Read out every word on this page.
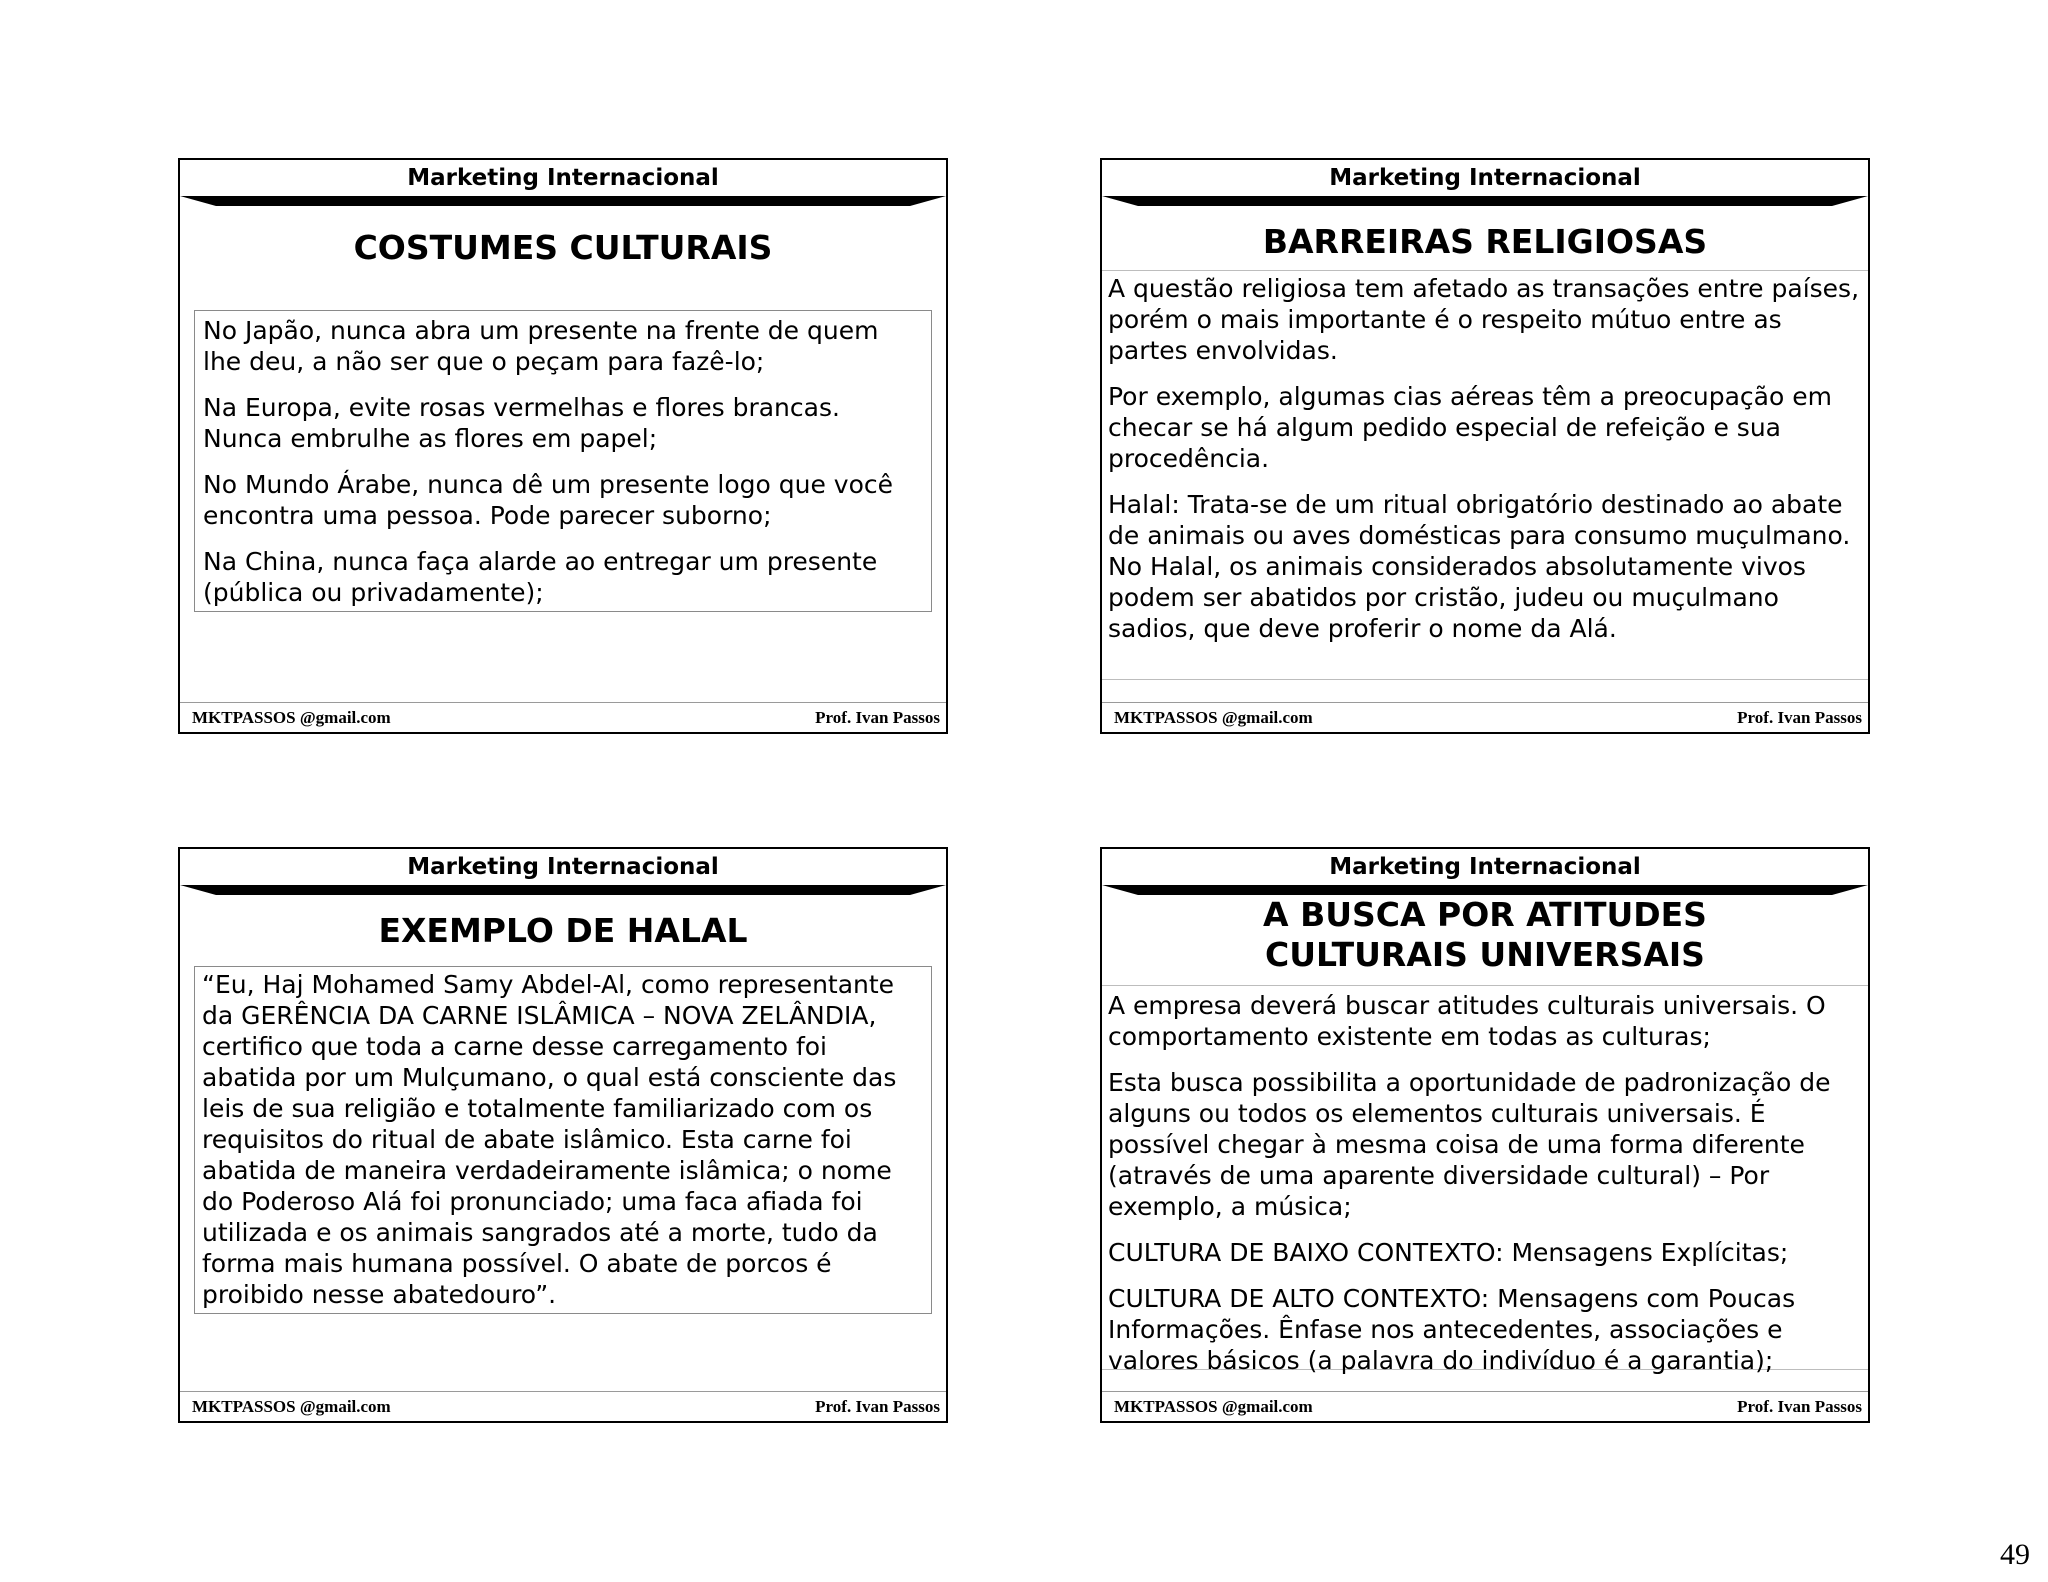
Marketing Internacional
COSTUMES CULTURAIS

No Japão, nunca abra um presente na frente de quem lhe deu, a não ser que o peçam para fazê-lo;

Na Europa, evite rosas vermelhas e flores brancas. Nunca embrulhe as flores em papel;

No Mundo Árabe, nunca dê um presente logo que você encontra uma pessoa. Pode parecer suborno;

Na China, nunca faça alarde ao entregar um presente (pública ou privadamente);

MKTPASSOS @gmail.com	Prof. Ivan Passos
Marketing Internacional
BARREIRAS RELIGIOSAS

A questão religiosa tem afetado as transações entre países, porém o mais importante é o respeito mútuo entre as partes envolvidas.

Por exemplo, algumas cias aéreas têm a preocupação em checar se há algum pedido especial de refeição e sua procedência.

Halal: Trata-se de um ritual obrigatório destinado ao abate de animais ou aves domésticas para consumo muçulmano. No Halal, os animais considerados absolutamente vivos podem ser abatidos por cristão, judeu ou muçulmano sadios, que deve proferir o nome da Alá.

MKTPASSOS @gmail.com	Prof. Ivan Passos
Marketing Internacional
EXEMPLO DE HALAL

“Eu, Haj Mohamed Samy Abdel-Al, como representante da GERÊNCIA DA CARNE ISLÂMICA – NOVA ZELÂNDIA, certifico que toda a carne desse carregamento foi abatida por um Mulçumano, o qual está consciente das leis de sua religião e totalmente familiarizado com os requisitos do ritual de abate islâmico. Esta carne foi abatida de maneira verdadeiramente islâmica; o nome do Poderoso Alá foi pronunciado; uma faca afiada foi utilizada e os animais sangrados até a morte, tudo da forma mais humana possível. O abate de porcos é proibido nesse abatedouro”.

MKTPASSOS @gmail.com	Prof. Ivan Passos
Marketing Internacional
A BUSCA POR ATITUDES
CULTURAIS UNIVERSAIS

A empresa deverá buscar atitudes culturais universais. O comportamento existente em todas as culturas;

Esta busca possibilita a oportunidade de padronização de alguns ou todos os elementos culturais universais. É possível chegar à mesma coisa de uma forma diferente (através de uma aparente diversidade cultural) – Por exemplo, a música;

CULTURA DE BAIXO CONTEXTO: Mensagens Explícitas;

CULTURA DE ALTO CONTEXTO: Mensagens com Poucas Informações. Ênfase nos antecedentes, associações e valores básicos (a palavra do indivíduo é a garantia);

MKTPASSOS @gmail.com	Prof. Ivan Passos
49
